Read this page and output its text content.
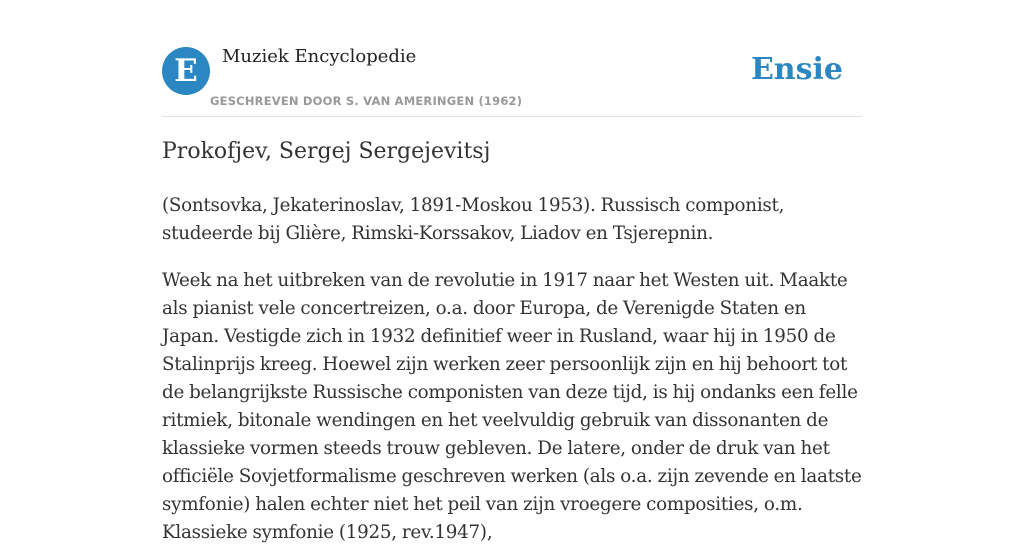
E	Muziek Encyclopedie
GESCHREVEN DOOR S. VAN AMERINGEN (1962)
Ensie
Prokofjev, Sergej Sergejevitsj

(Sontsovka, Jekaterinoslav, 1891-Moskou 1953). Russisch componist, studeerde bij Glière, Rimski-Korssakov, Liadov en Tsjerepnin.

Week na het uitbreken van de revolutie in 1917 naar het Westen uit. Maakte als pianist vele concertreizen, o.a. door Europa, de Verenigde Staten en Japan. Vestigde zich in 1932 definitief weer in Rusland, waar hij in 1950 de Stalinprijs kreeg. Hoewel zijn werken zeer persoonlijk zijn en hij behoort tot de belangrijkste Russische componisten van deze tijd, is hij ondanks een felle ritmiek, bitonale wendingen en het veelvuldig gebruik van dissonanten de klassieke vormen steeds trouw gebleven. De latere, onder de druk van het officiële Sovjetformalisme geschreven werken (als o.a. zijn zevende en laatste symfonie) halen echter niet het peil van zijn vroegere composities, o.m. Klassieke symfonie (1925, rev.1947),
